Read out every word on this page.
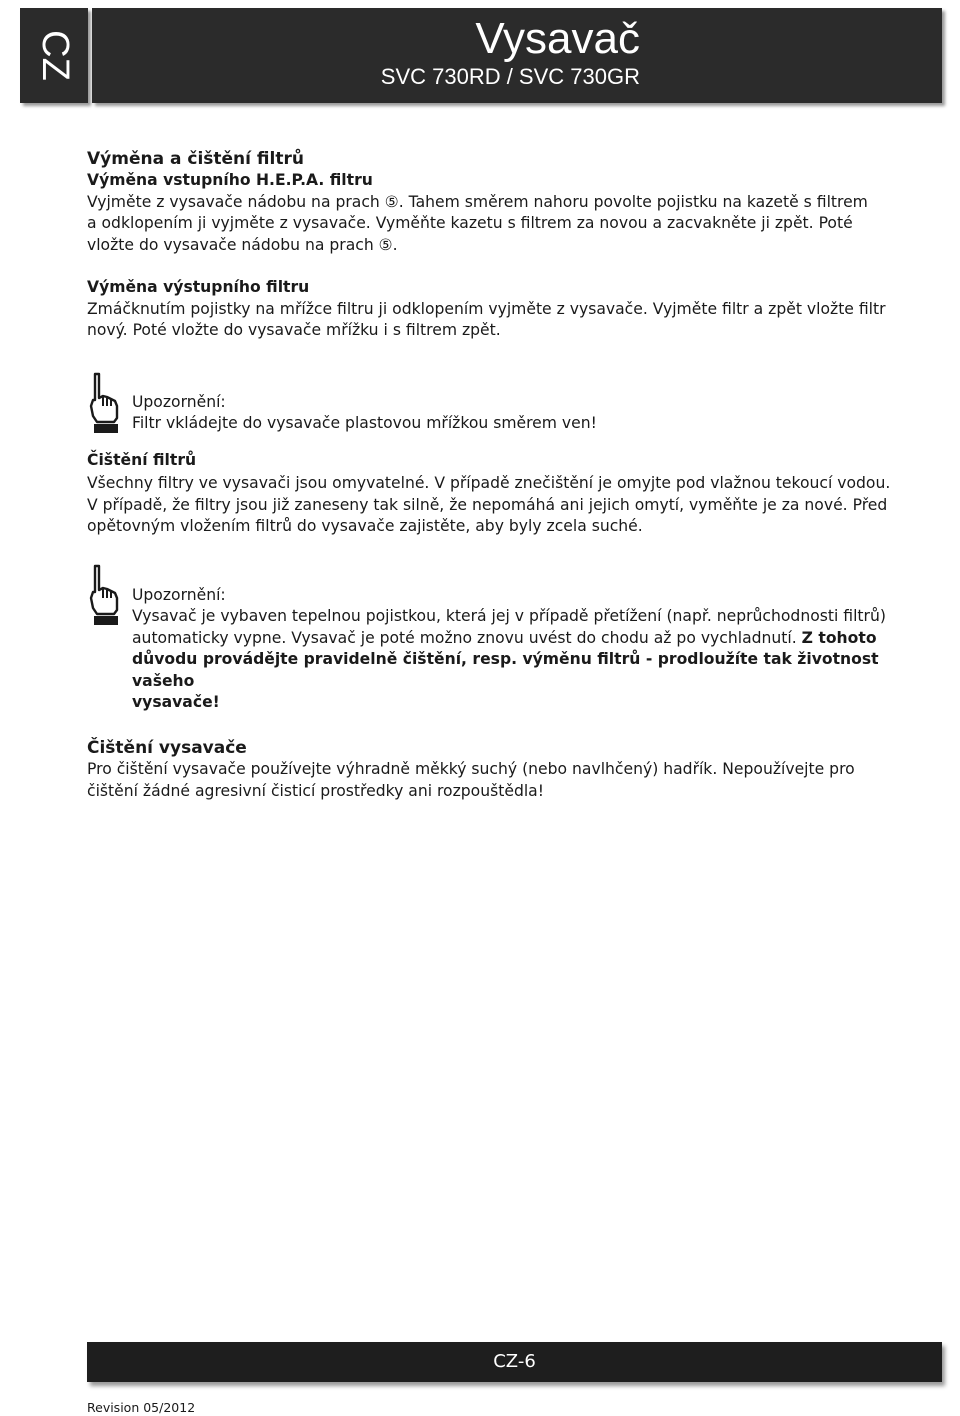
CZ	Vysavač
SVC 730RD / SVC 730GR

Výměna a čištění filtrů

Výměna vstupního H.E.P.A. filtru

Vyjměte z vysavače nádobu na prach ⑤. Tahem směrem nahoru povolte pojistku na kazetě s filtrem

a odklopením ji vyjměte z vysavače. Vyměňte kazetu s filtrem za novou a zacvakněte ji zpět. Poté

vložte do vysavače nádobu na prach ⑤.

Výměna výstupního filtru

Zmáčknutím pojistky na mřížce filtru ji odklopením vyjměte z vysavače. Vyjměte filtr a zpět vložte filtr

nový. Poté vložte do vysavače mřížku i s filtrem zpět.

Upozornění:

Filtr vkládejte do vysavače plastovou mřížkou směrem ven!

Čištění filtrů

Všechny filtry ve vysavači jsou omyvatelné. V případě znečištění je omyjte pod vlažnou tekoucí vodou.

V případě, že filtry jsou již zaneseny tak silně, že nepomáhá ani jejich omytí, vyměňte je za nové. Před

opětovným vložením filtrů do vysavače zajistěte, aby byly zcela suché.

Upozornění:

Vysavač je vybaven tepelnou pojistkou, která jej v případě přetížení (např. neprůchodnosti filtrů)

automaticky vypne. Vysavač je poté možno znovu uvést do chodu až po vychladnutí. Z tohoto

důvodu provádějte pravidelně čištění, resp. výměnu filtrů - prodloužíte tak životnost vašeho

vysavače!

Čištění vysavače

Pro čištění vysavače používejte výhradně měkký suchý (nebo navlhčený) hadřík. Nepoužívejte pro

čištění žádné agresivní čisticí prostředky ani rozpouštědla!

CZ-6
Revision 05/2012
